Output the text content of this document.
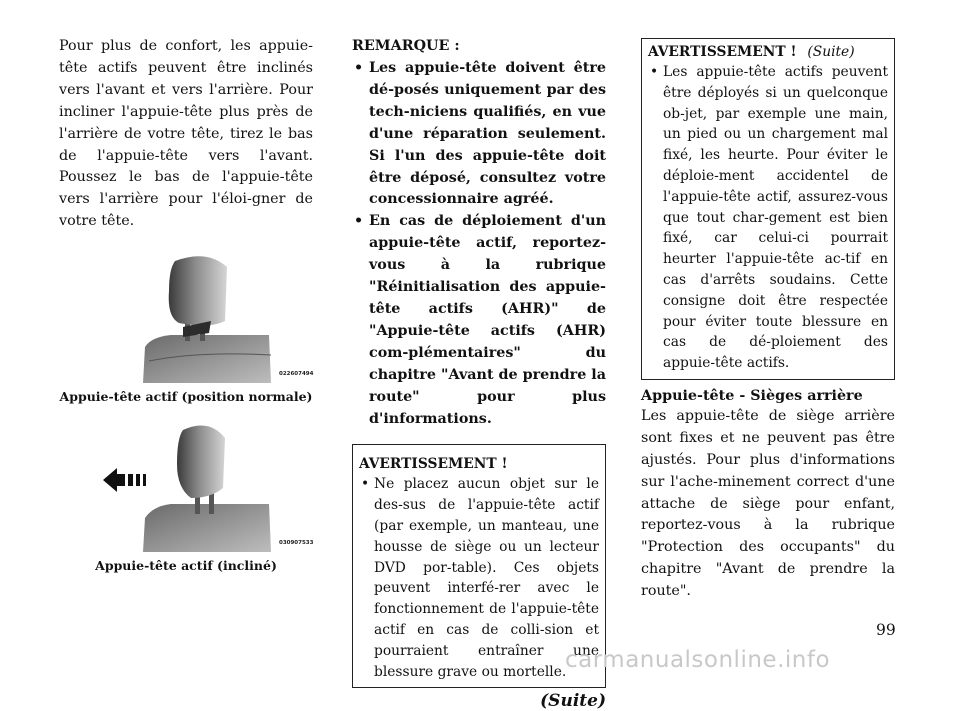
Pour plus de confort, les appuie-tête actifs peuvent être inclinés vers l'avant et vers l'arrière. Pour incliner l'appuie-tête plus près de l'arrière de votre tête, tirez le bas de l'appuie-tête vers l'avant. Poussez le bas de l'appuie-tête vers l'arrière pour l'éloi-gner de votre tête.

022607494

Appuie-tête actif (position normale)

030907533

Appuie-tête actif (incliné)

REMARQUE :

• Les appuie-tête doivent être dé-posés uniquement par des tech-niciens qualifiés, en vue d'une réparation seulement. Si l'un des appuie-tête doit être déposé, consultez votre concessionnaire agréé.
• En cas de déploiement d'un appuie-tête actif, reportez-vous à la rubrique "Réinitialisation des appuie-tête actifs (AHR)" de "Appuie-tête actifs (AHR) com-plémentaires" du chapitre "Avant de prendre la route" pour plus d'informations.

AVERTISSEMENT !

• Ne placez aucun objet sur le des-sus de l'appuie-tête actif (par exemple, un manteau, une housse de siège ou un lecteur DVD por-table). Ces objets peuvent interfé-rer avec le fonctionnement de l'appuie-tête actif en cas de colli-sion et pourraient entraîner une blessure grave ou mortelle.

(Suite)

AVERTISSEMENT ! (Suite)

• Les appuie-tête actifs peuvent être déployés si un quelconque ob-jet, par exemple une main, un pied ou un chargement mal fixé, les heurte. Pour éviter le déploie-ment accidentel de l'appuie-tête actif, assurez-vous que tout char-gement est bien fixé, car celui-ci pourrait heurter l'appuie-tête ac-tif en cas d'arrêts soudains. Cette consigne doit être respectée pour éviter toute blessure en cas de dé-ploiement des appuie-tête actifs.

Appuie-tête - Sièges arrière

Les appuie-tête de siège arrière sont fixes et ne peuvent pas être ajustés. Pour plus d'informations sur l'ache-minement correct d'une attache de siège pour enfant, reportez-vous à la rubrique "Protection des occupants" du chapitre "Avant de prendre la route".

99
carmanualsonline.info
